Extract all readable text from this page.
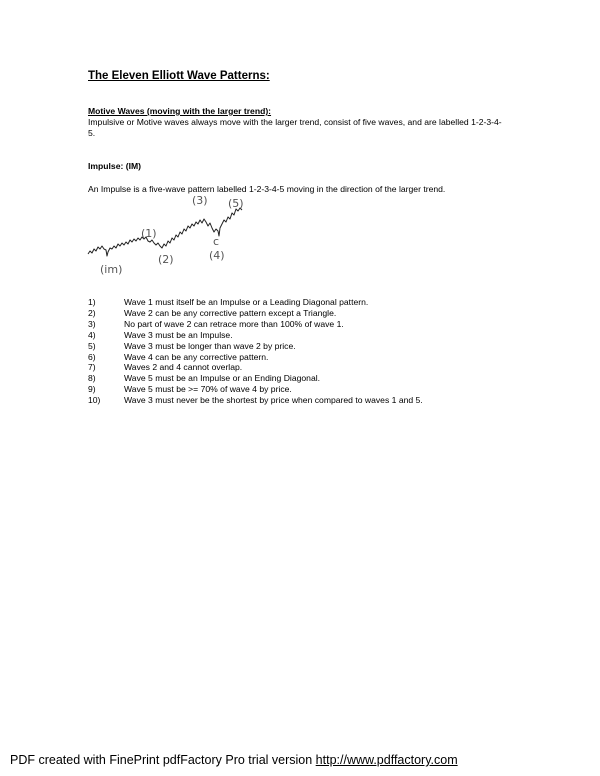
The Eleven Elliott Wave Patterns:
Motive Waves (moving with the larger trend):
Impulsive or Motive waves always move with the larger trend, consist of five waves, and are labelled 1-2-3-4-5.
Impulse: (IM)
An Impulse is a five-wave pattern labelled 1-2-3-4-5 moving in the direction of the larger trend.
(im)
(1)
(2)
(3)
(4)
(5)
c
1)	Wave 1 must itself be an Impulse or a Leading Diagonal pattern.
2)	Wave 2 can be any corrective pattern except a Triangle.
3)	No part of wave 2 can retrace more than 100% of wave 1.
4)	Wave 3 must be an Impulse.
5)	Wave 3 must be longer than wave 2 by price.
6)	Wave 4 can be any corrective pattern.
7)	Waves 2 and 4 cannot overlap.
8)	Wave 5 must be an Impulse or an Ending Diagonal.
9)	Wave 5 must be >= 70% of wave 4 by price.
10)	Wave 3 must never be the shortest by price when compared to waves 1 and 5.
PDF created with FinePrint pdfFactory Pro trial version http://www.pdffactory.com
